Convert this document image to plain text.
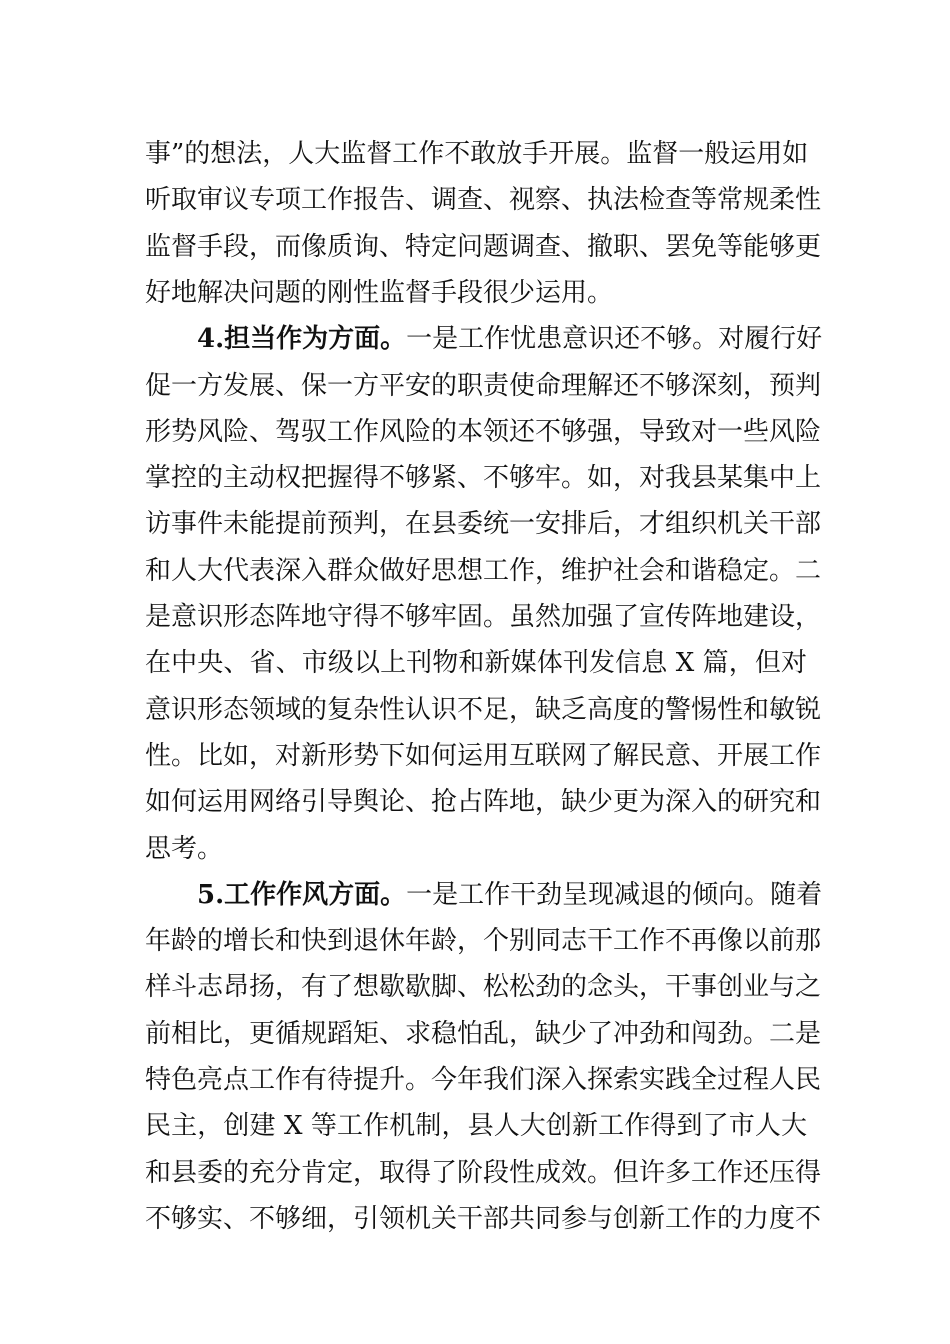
事”的想法，人大监督工作不敢放手开展。监督一般运用如
听取审议专项工作报告、调查、视察、执法检查等常规柔性
监督手段，而像质询、特定问题调查、撤职、罢免等能够更
好地解决问题的刚性监督手段很少运用。
4.担当作为方面。一是工作忧患意识还不够。对履行好
促一方发展、保一方平安的职责使命理解还不够深刻，预判
形势风险、驾驭工作风险的本领还不够强，导致对一些风险
掌控的主动权把握得不够紧、不够牢。如，对我县某集中上
访事件未能提前预判，在县委统一安排后，才组织机关干部
和人大代表深入群众做好思想工作，维护社会和谐稳定。二
是意识形态阵地守得不够牢固。虽然加强了宣传阵地建设，
在中央、省、市级以上刊物和新媒体刊发信息 X 篇，但对
意识形态领域的复杂性认识不足，缺乏高度的警惕性和敏锐
性。比如，对新形势下如何运用互联网了解民意、开展工作
如何运用网络引导舆论、抢占阵地，缺少更为深入的研究和
思考。
5.工作作风方面。一是工作干劲呈现减退的倾向。随着
年龄的增长和快到退休年龄，个别同志干工作不再像以前那
样斗志昂扬，有了想歇歇脚、松松劲的念头，干事创业与之
前相比，更循规蹈矩、求稳怕乱，缺少了冲劲和闯劲。二是
特色亮点工作有待提升。今年我们深入探索实践全过程人民
民主，创建 X 等工作机制，县人大创新工作得到了市人大
和县委的充分肯定，取得了阶段性成效。但许多工作还压得
不够实、不够细，引领机关干部共同参与创新工作的力度不
